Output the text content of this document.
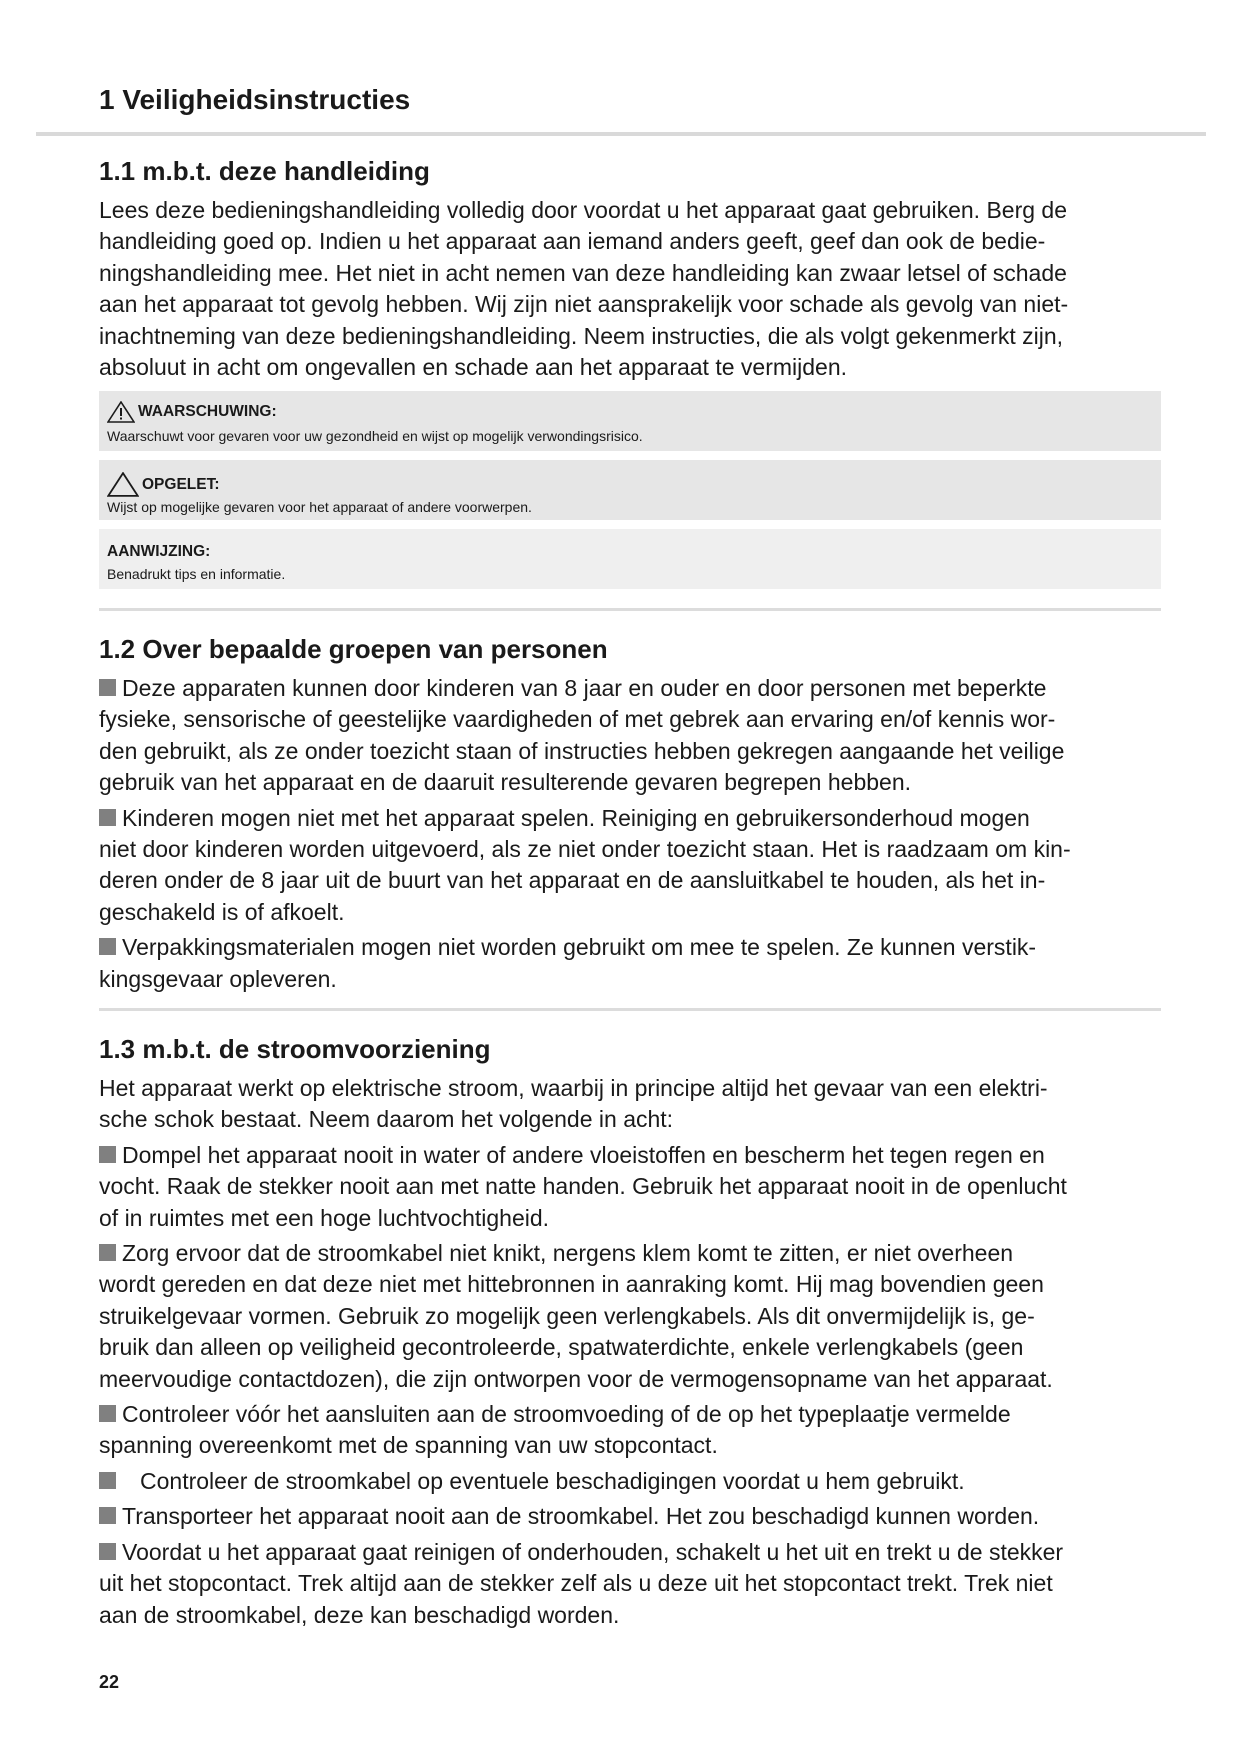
1 Veiligheidsinstructies
1.1 m.b.t. deze handleiding
Lees deze bedieningshandleiding volledig door voordat u het apparaat gaat gebruiken. Berg de
handleiding goed op. Indien u het apparaat aan iemand anders geeft, geef dan ook de bedie-
ningshandleiding mee. Het niet in acht nemen van deze handleiding kan zwaar letsel of schade
aan het apparaat tot gevolg hebben. Wij zijn niet aansprakelijk voor schade als gevolg van niet-
inachtneming van deze bedieningshandleiding. Neem instructies, die als volgt gekenmerkt zijn,
absoluut in acht om ongevallen en schade aan het apparaat te vermijden.
WAARSCHUWING:
Waarschuwt voor gevaren voor uw gezondheid en wijst op mogelijk verwondingsrisico.
OPGELET:
Wijst op mogelijke gevaren voor het apparaat of andere voorwerpen.
AANWIJZING:
Benadrukt tips en informatie.
1.2 Over bepaalde groepen van personen
Deze apparaten kunnen door kinderen van 8 jaar en ouder en door personen met beperkte
fysieke, sensorische of geestelijke vaardigheden of met gebrek aan ervaring en/of kennis wor-
den gebruikt, als ze onder toezicht staan of instructies hebben gekregen aangaande het veilige
gebruik van het apparaat en de daaruit resulterende gevaren begrepen hebben.
Kinderen mogen niet met het apparaat spelen. Reiniging en gebruikersonderhoud mogen
niet door kinderen worden uitgevoerd, als ze niet onder toezicht staan. Het is raadzaam om kin-
deren onder de 8 jaar uit de buurt van het apparaat en de aansluitkabel te houden, als het in-
geschakeld is of afkoelt.
Verpakkingsmaterialen mogen niet worden gebruikt om mee te spelen. Ze kunnen verstik-
kingsgevaar opleveren.
1.3 m.b.t. de stroomvoorziening
Het apparaat werkt op elektrische stroom, waarbij in principe altijd het gevaar van een elektri-
sche schok bestaat. Neem daarom het volgende in acht:
Dompel het apparaat nooit in water of andere vloeistoffen en bescherm het tegen regen en
vocht. Raak de stekker nooit aan met natte handen. Gebruik het apparaat nooit in de openlucht
of in ruimtes met een hoge luchtvochtigheid.
Zorg ervoor dat de stroomkabel niet knikt, nergens klem komt te zitten, er niet overheen
wordt gereden en dat deze niet met hittebronnen in aanraking komt. Hij mag bovendien geen
struikelgevaar vormen. Gebruik zo mogelijk geen verlengkabels. Als dit onvermijdelijk is, ge-
bruik dan alleen op veiligheid gecontroleerde, spatwaterdichte, enkele verlengkabels (geen
meervoudige contactdozen), die zijn ontworpen voor de vermogensopname van het apparaat.
Controleer vóór het aansluiten aan de stroomvoeding of de op het typeplaatje vermelde
spanning overeenkomt met de spanning van uw stopcontact.
Controleer de stroomkabel op eventuele beschadigingen voordat u hem gebruikt.
Transporteer het apparaat nooit aan de stroomkabel. Het zou beschadigd kunnen worden.
Voordat u het apparaat gaat reinigen of onderhouden, schakelt u het uit en trekt u de stekker
uit het stopcontact. Trek altijd aan de stekker zelf als u deze uit het stopcontact trekt. Trek niet
aan de stroomkabel, deze kan beschadigd worden.
22
